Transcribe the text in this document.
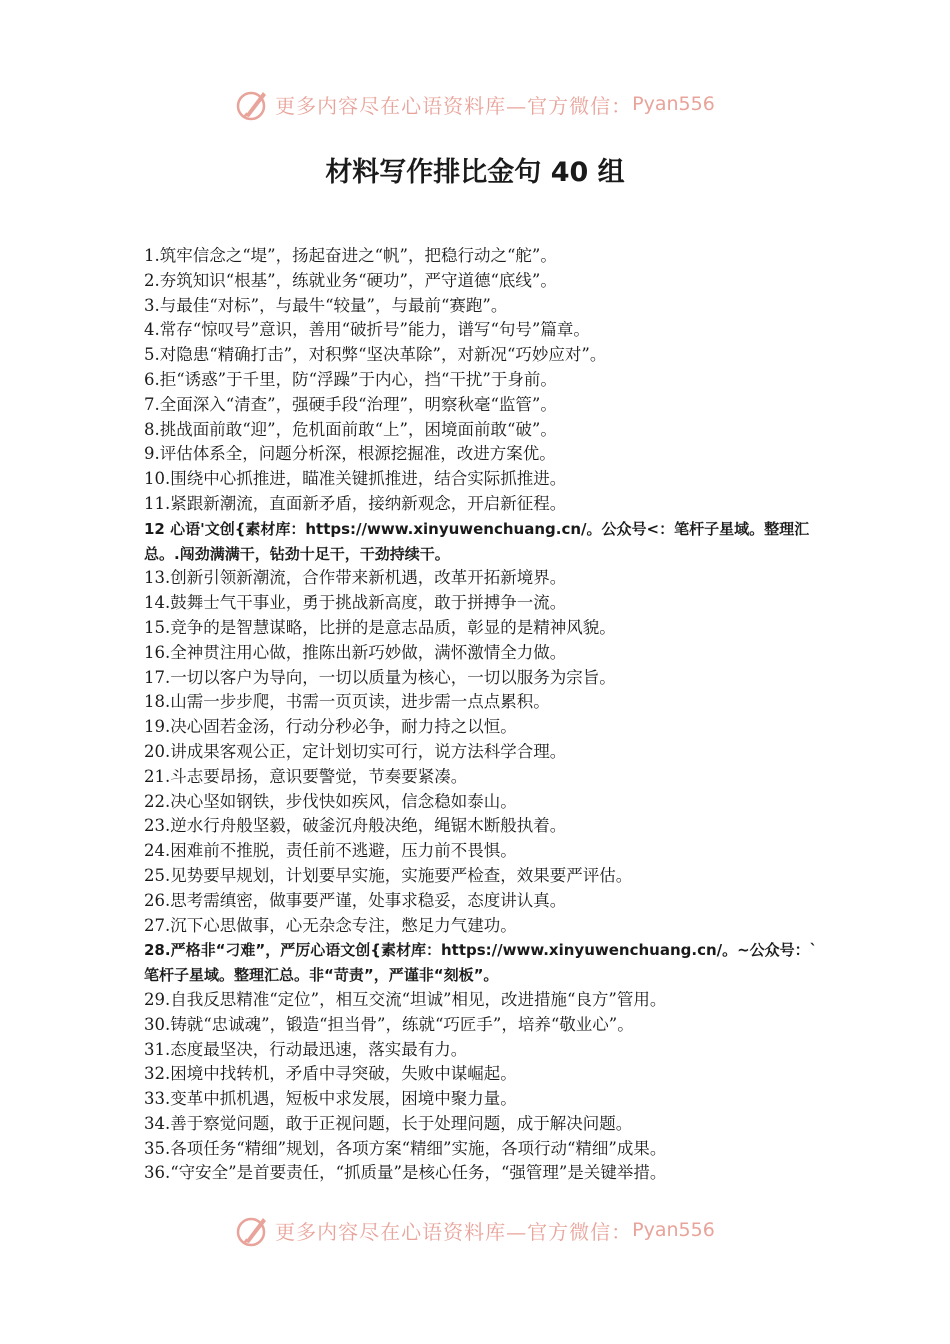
更多内容尽在心语资料库—官方微信： Pyan556
材料写作排比金句 40 组
1.筑牢信念之“堤”，扬起奋进之“帆”，把稳行动之“舵”。
2.夯筑知识“根基”，练就业务“硬功”，严守道德“底线”。
3.与最佳“对标”，与最牛“较量”，与最前“赛跑”。
4.常存“惊叹号”意识，善用“破折号”能力，谱写“句号”篇章。
5.对隐患“精确打击”，对积弊“坚决革除”，对新况“巧妙应对”。
6.拒“诱惑”于千里，防“浮躁”于内心，挡“干扰”于身前。
7.全面深入“清查”，强硬手段“治理”，明察秋毫“监管”。
8.挑战面前敢“迎”，危机面前敢“上”，困境面前敢“破”。
9.评估体系全，问题分析深，根源挖掘准，改进方案优。
10.围绕中心抓推进，瞄准关键抓推进，结合实际抓推进。
11.紧跟新潮流，直面新矛盾，接纳新观念，开启新征程。
12 心语'文创{素材库：https://www.xinyuwenchuang.cn/。公众号<：笔杆子星域。整理汇总。.闯劲满满干，钻劲十足干，干劲持续干。
13.创新引领新潮流，合作带来新机遇，改革开拓新境界。
14.鼓舞士气干事业，勇于挑战新高度，敢于拼搏争一流。
15.竞争的是智慧谋略，比拼的是意志品质，彰显的是精神风貌。
16.全神贯注用心做，推陈出新巧妙做，满怀激情全力做。
17.一切以客户为导向，一切以质量为核心，一切以服务为宗旨。
18.山需一步步爬，书需一页页读，进步需一点点累积。
19.决心固若金汤，行动分秒必争，耐力持之以恒。
20.讲成果客观公正，定计划切实可行，说方法科学合理。
21.斗志要昂扬，意识要警觉，节奏要紧凑。
22.决心坚如钢铁，步伐快如疾风，信念稳如泰山。
23.逆水行舟般坚毅，破釜沉舟般决绝，绳锯木断般执着。
24.困难前不推脱，责任前不逃避，压力前不畏惧。
25.见势要早规划，计划要早实施，实施要严检查，效果要严评估。
26.思考需缜密，做事要严谨，处事求稳妥，态度讲认真。
27.沉下心思做事，心无杂念专注，憋足力气建功。
28.严格非“刁难”，严厉心语文创{素材库：https://www.xinyuwenchuang.cn/。~公众号：`笔杆子星域。整理汇总。非“苛责”，严谨非“刻板”。
29.自我反思精准“定位”，相互交流“坦诚”相见，改进措施“良方”管用。
30.铸就“忠诚魂”，锻造“担当骨”，练就“巧匠手”，培养“敬业心”。
31.态度最坚决，行动最迅速，落实最有力。
32.困境中找转机，矛盾中寻突破，失败中谋崛起。
33.变革中抓机遇，短板中求发展，困境中聚力量。
34.善于察觉问题，敢于正视问题，长于处理问题，成于解决问题。
35.各项任务“精细”规划，各项方案“精细”实施，各项行动“精细”成果。
36.“守安全”是首要责任，“抓质量”是核心任务，“强管理”是关键举措。
更多内容尽在心语资料库—官方微信： Pyan556
